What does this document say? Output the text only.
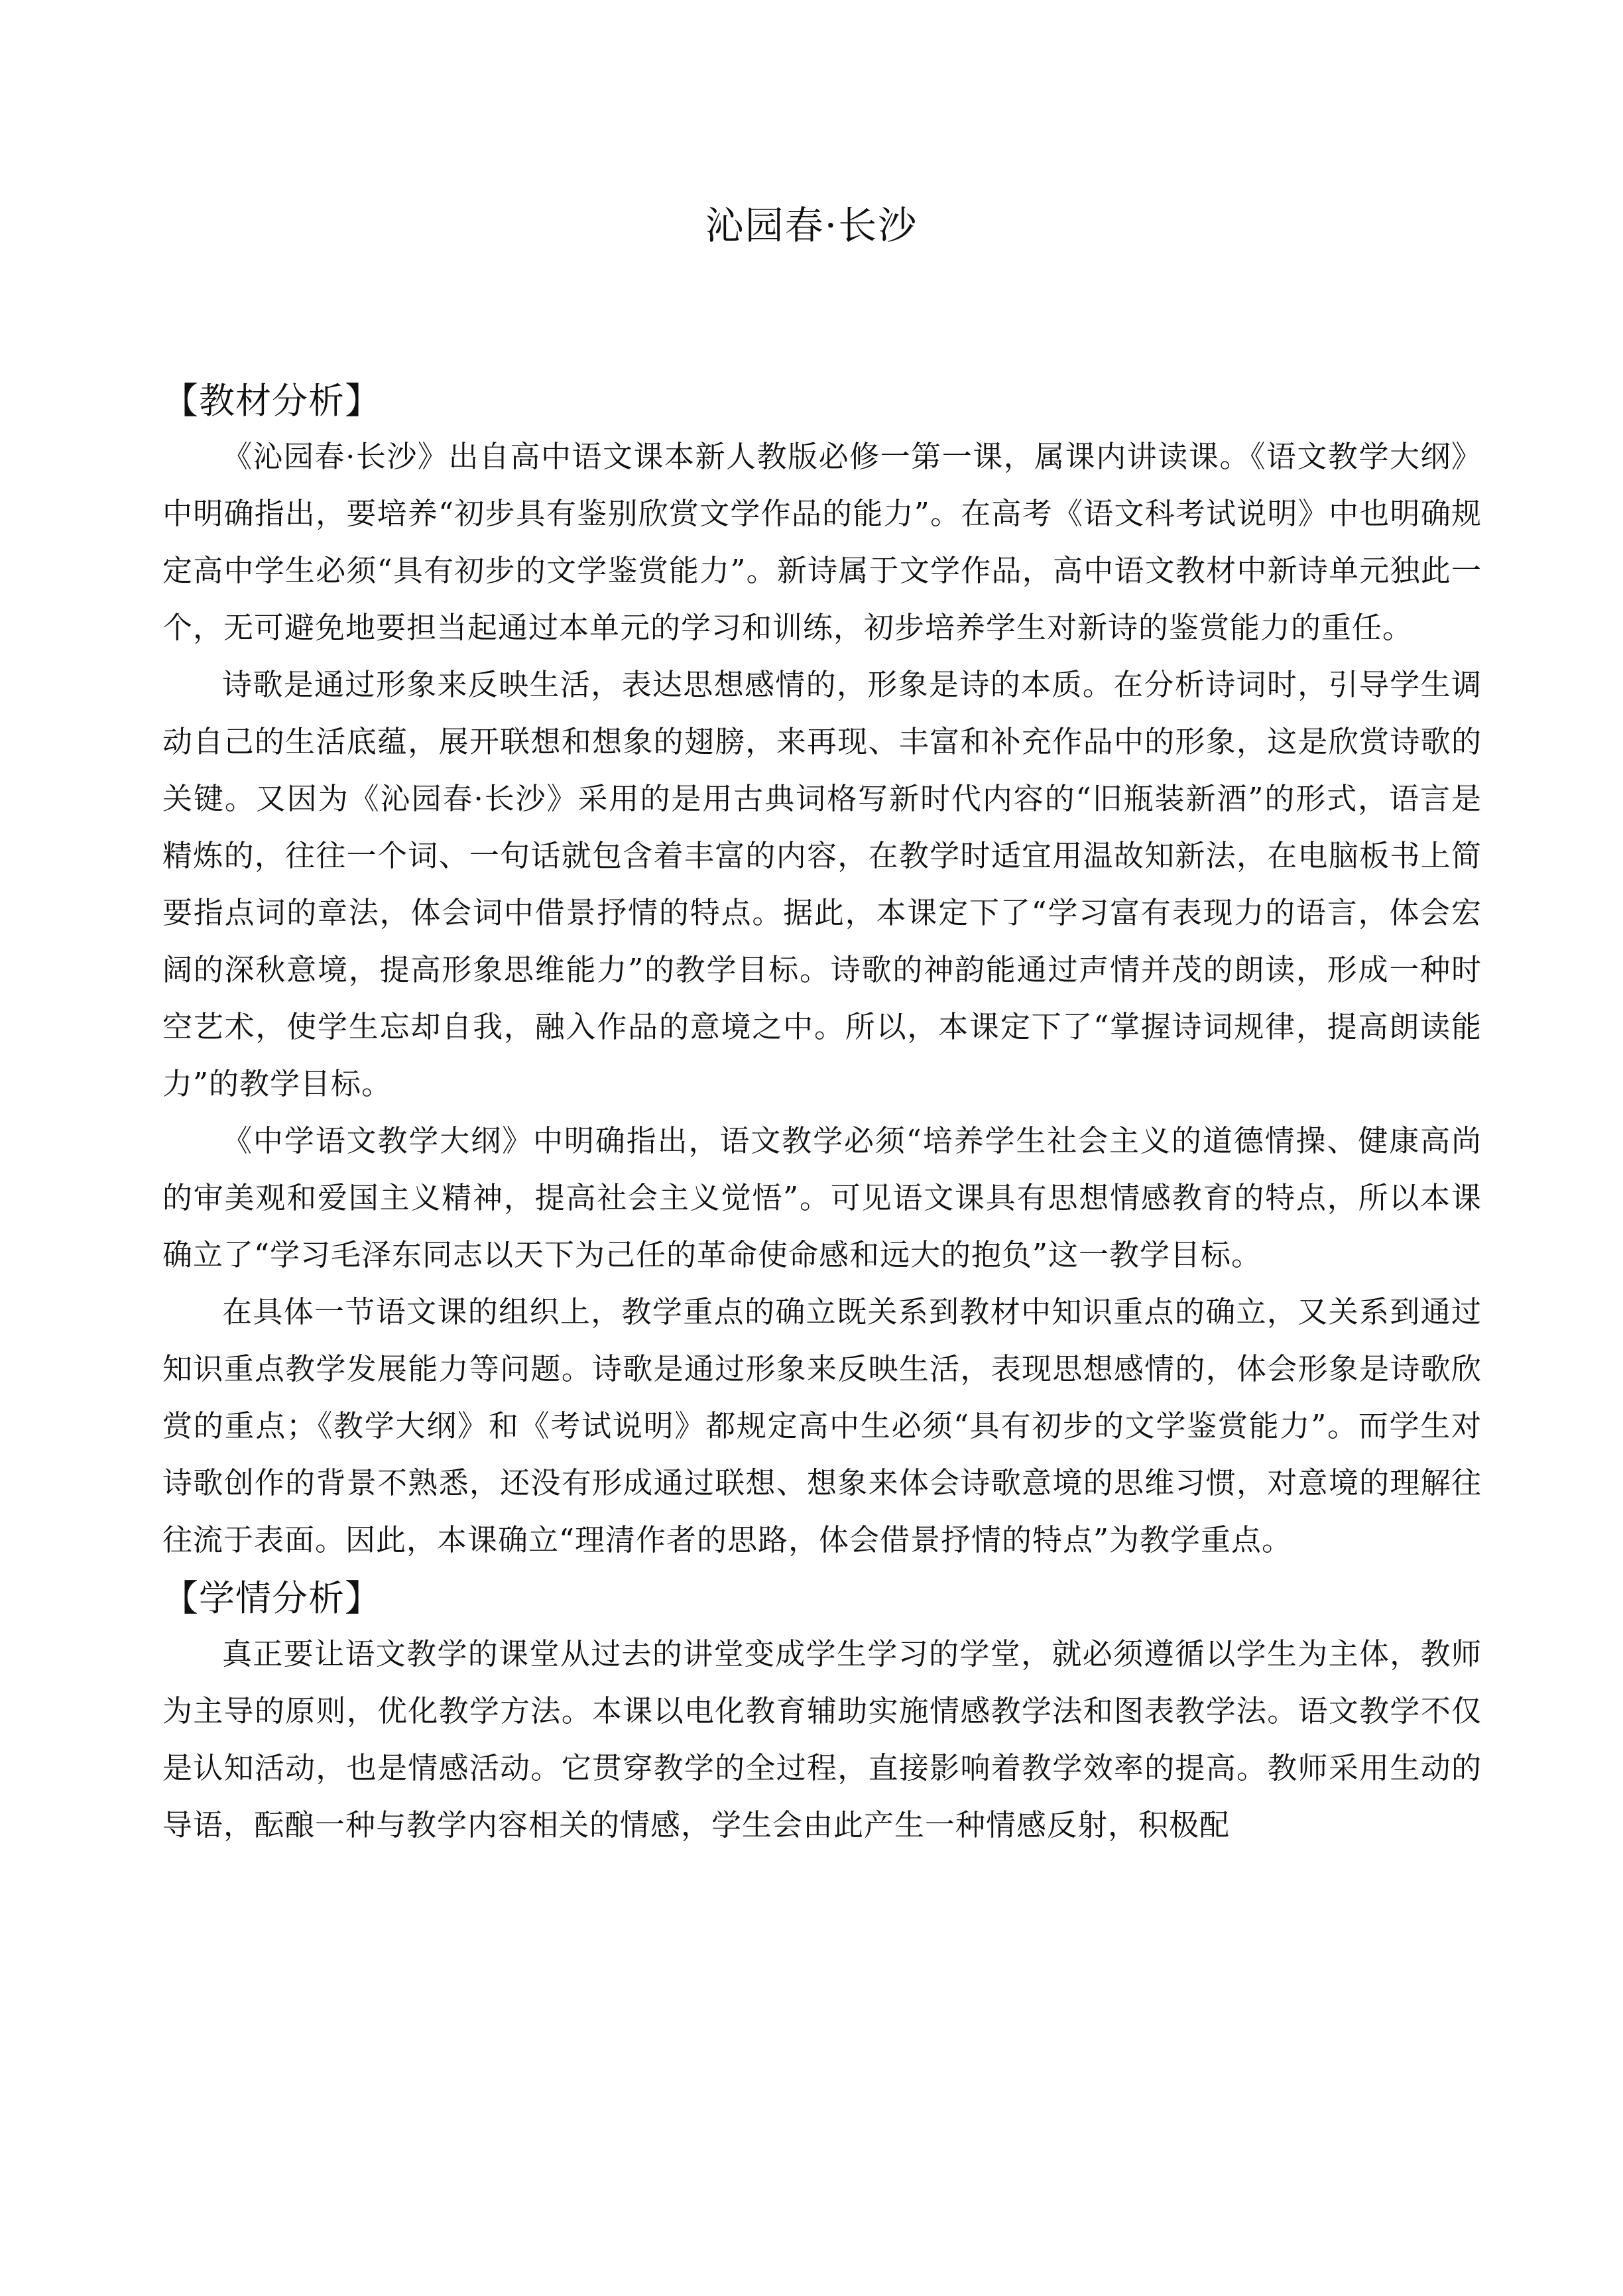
沁园春·长沙
【教材分析】

《沁园春·长沙》出自高中语文课本新人教版必修一第一课，属课内讲读课。《语文教学大纲》中明确指出，要培养“初步具有鉴别欣赏文学作品的能力”。在高考《语文科考试说明》中也明确规定高中学生必须“具有初步的文学鉴赏能力”。新诗属于文学作品，高中语文教材中新诗单元独此一个，无可避免地要担当起通过本单元的学习和训练，初步培养学生对新诗的鉴赏能力的重任。

诗歌是通过形象来反映生活，表达思想感情的，形象是诗的本质。在分析诗词时，引导学生调动自己的生活底蕴，展开联想和想象的翅膀，来再现、丰富和补充作品中的形象，这是欣赏诗歌的关键。又因为《沁园春·长沙》采用的是用古典词格写新时代内容的“旧瓶装新酒”的形式，语言是精炼的，往往一个词、一句话就包含着丰富的内容，在教学时适宜用温故知新法，在电脑板书上简要指点词的章法，体会词中借景抒情的特点。据此，本课定下了“学习富有表现力的语言，体会宏阔的深秋意境，提高形象思维能力”的教学目标。诗歌的神韵能通过声情并茂的朗读，形成一种时空艺术，使学生忘却自我，融入作品的意境之中。所以，本课定下了“掌握诗词规律，提高朗读能力”的教学目标。

《中学语文教学大纲》中明确指出，语文教学必须“培养学生社会主义的道德情操、健康高尚的审美观和爱国主义精神，提高社会主义觉悟”。可见语文课具有思想情感教育的特点，所以本课确立了“学习毛泽东同志以天下为己任的革命使命感和远大的抱负”这一教学目标。

在具体一节语文课的组织上，教学重点的确立既关系到教材中知识重点的确立，又关系到通过知识重点教学发展能力等问题。诗歌是通过形象来反映生活，表现思想感情的，体会形象是诗歌欣赏的重点；《教学大纲》和《考试说明》都规定高中生必须“具有初步的文学鉴赏能力”。而学生对诗歌创作的背景不熟悉，还没有形成通过联想、想象来体会诗歌意境的思维习惯，对意境的理解往往流于表面。因此，本课确立“理清作者的思路，体会借景抒情的特点”为教学重点。

【学情分析】

真正要让语文教学的课堂从过去的讲堂变成学生学习的学堂，就必须遵循以学生为主体，教师为主导的原则，优化教学方法。本课以电化教育辅助实施情感教学法和图表教学法。语文教学不仅是认知活动，也是情感活动。它贯穿教学的全过程，直接影响着教学效率的提高。教师采用生动的导语，酝酿一种与教学内容相关的情感，学生会由此产生一种情感反射，积极配
